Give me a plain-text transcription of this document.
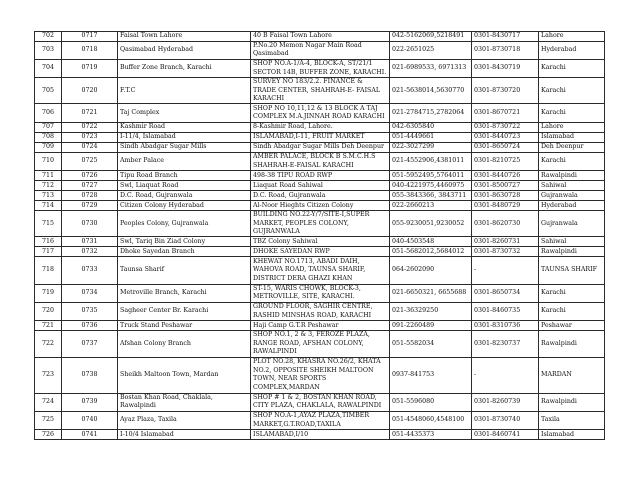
702	0717	Faisal Town Lahore	40 B Faisal Town Lahore	042-5162069,5218491	0301-8430717	Lahore
703	0718	Qasimabad Hyderabad	P.No.20 Memon Nagar Main Road Qasimabad	022-2651025	0301-8730718	Hyderabad
704	0719	Buffer Zone Branch, Karachi	SHOP NO.A-1/A-4, BLOCK-A, ST/21/1 SECTOR 14B, BUFFER ZONE, KARACHI.	021-6989533, 6971313	0301-8430719	Karachi
705	0720	F.T.C	SURVEY NO 183/2.2. FINANCE & TRADE CENTER, SHAHRAH-E- FAISAL KARACHI	021-5638014,5630770	0301-8730720	Karachi
706	0721	Taj Complex	SHOP NO 10,11,12 & 13 BLOCK A TAJ COMPLEX M.A.JINNAH ROAD KARACHI	021-2784715,2782064	0301-8670721	Karachi
707	0722	Kashmir Road	8-Kashmir Road, Lahore.	042-6305840	0301-8730722	Lahore
708	0723	I-11/4, Islamabad	ISLAMABAD,I-11, FRUIT MARKET	051-4449661	0301-8440723	Islamabad
709	0724	Sindh Abadgar Sugar Mills	Sindh Abadgar Sugar Mills Deh Deenpur	022-3027299	0301-8650724	Deh Deenpur
710	0725	Amber Palace	AMBER PALACE, BLOCK B S.M.C.H.S SHAHRAH-E-FAISAL KARACHI	021-4552906,4381011	0301-8210725	Karachi
711	0726	Tipu Road Branch	498-38 TIPU ROAD RWP	051-5952495,5764011	0301-8440726	Rawalpindi
712	0727	Swl, Liaquat Road	Liaquat Road Sahiwal	040-4221975,4460975	0301-8500727	Sahiwal
713	0728	D.C. Road, Gujranwala	D.C. Road, Gujranwala	055-3843366, 3843711	0301-8630728	Gujranwala
714	0729	Citizen Colony Hyderabad	Al-Noor Hieghts Citizen Colony	022-2660213	0301-8480729	Hyderabad
715	0730	Peoples Colony, Gujranwala	BUILDING NO.22-Y/7/SITE-I,SUPER MARKET, PEOPLES COLONY, GUJRANWALA	055-9230051,9230052	0301-8620730	Gujranwala
716	0731	Swl, Tariq Bin Ziad Colony	TBZ Colony Sahiwal	040-4503548	0301-8260731	Sahiwal
717	0732	Dhoke Sayedan Branch	DHOKE SAYEDAN RWP	051-5682012,5684012	0301-8730732	Rawalpindi
718	0733	Taunsa Sharif	KHEWAT NO.1713, ABADI DAIH, WAHOVA ROAD, TAUNSA SHARIF, DISTRICT DERA GHAZI KHAN	064-2602090	-	TAUNSA SHARIF
719	0734	Metroville Branch, Karachi	ST-15, WARIS CHOWK, BLOCK-3, METROVILLE, SITE, KARACHI.	021-6650321, 6655688	0301-8650734	Karachi
720	0735	Sagheer Center Br. Karachi	GROUND FLOOR, SAGHIR CENTRE, RASHID MINSHAS ROAD, KARACHI	021-36329250	0301-8460735	Karachi
721	0736	Truck Stand Peshawar	Haji Camp G.T.R Peshawar	091-2260489	0301-8310736	Peshawar
722	0737	Afshan Colony Branch	SHOP NO.1, 2 & 3, FEROZE PLAZA, RANGE ROAD, AFSHAN COLONY, RAWALPINDI	051-5582034	0301-8230737	Rawalpindi
723	0738	Sheikh Maltoon Town, Mardan	PLOT NO.28, KHASRA NO.26/2, KHATA NO.2, OPPOSITE SHEIKH MALTOON TOWN, NEAR SPORTS COMPLEX,MARDAN	0937-841753	-	MARDAN
724	0739	Bostan Khan Road, Chaklala, Rawalpindi	SHOP # 1 & 2, BOSTAN KHAN ROAD, CITY PLAZA, CHAKLALA, RAWALPINDI	051-5596080	0301-8260739	Rawalpindi
725	0740	Ayaz Plaza, Taxila	SHOP NO.A-1,AYAZ PLAZA,TIMBER MARKET,G.T.ROAD,TAXILA	051-4548060,4548100	0301-8730740	Taxila
726	0741	I-10/4 Islamabad	ISLAMABAD,I/10	051-4435373	0301-8460741	Islamabad
